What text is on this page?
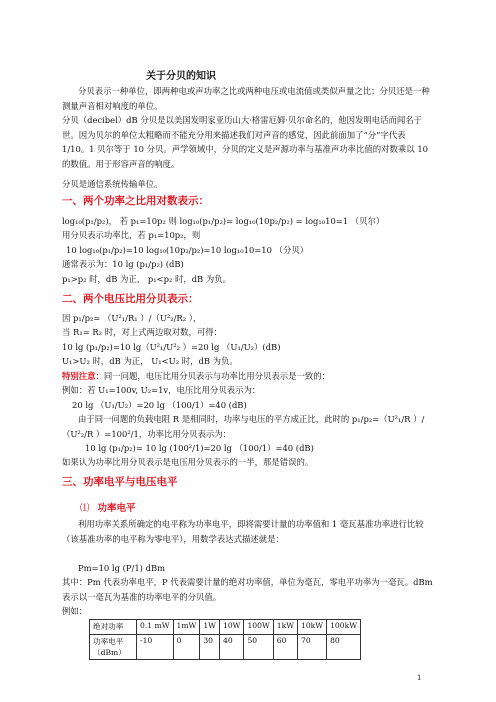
关于分贝的知识

分贝表示一种单位，即两种电或声功率之比或两种电压或电流值或类似声量之比；分贝还是一种测量声音相对响度的单位。

分贝（decibel）dB 分贝是以美国发明家亚历山大·格雷厄姆·贝尔命名的，他因发明电话而闻名于世。因为贝尔的单位太粗略而不能充分用来描述我们对声音的感觉，因此前面加了“分”字代表 1/10。1 贝尔等于 10 分贝。声学领域中，分贝的定义是声源功率与基准声功率比值的对数乘以 10 的数值。用于形容声音的响度。

分贝是通信系统传输单位。

一、两个功率之比用对数表示：
log₁₀(p₁/p₂)， 若 p₁=10p₂ 则 log₁₀(p₁/p₂)= log₁₀(10p₂/p₂) = log₁₀10=1 （贝尔）
用分贝表示功率比，若 p₁=10p₂，则
10 log₁₀(p₁/p₂)=10 log₁₀(10p₂/p₂)=10 log₁₀10=10 （分贝）
通常表示为：10 lg (p₁/p₂) (dB)
p₁>p₂ 时，dB 为正， p₁<p₂ 时，dB 为负。
二、两个电压比用分贝表示：
因 p₁/p₂= （U²₁/R₁ ）/（U²₂/R₂ ），
当 R₁= R₂ 时，对上式两边取对数，可得：
10 lg (p₁/p₂)=10 lg（U²₁/U²₂ ）=20 lg （U₁/U₂）(dB)
U₁>U₂ 时，dB 为正， U₁<U₂ 时，dB 为负。
特别注意：同一问题，电压比用分贝表示与功率比用分贝表示是一致的：
例如：若 U₁=100v, U₂=1v，电压比用分贝表示为：
20 lg （U₁/U₂）=20 lg （100/1）=40 (dB)

由于同一问题的负载电阻 R 是相同时，功率与电压的平方成正比，此时的 p₁/p₂=（U²₁/R ）/（U²₂/R ）=100²/1，功率比用分贝表示为：

10 lg (p₁/p₂)= 10 lg (100²/1)=20 lg （100/1）=40 (dB)
如果认为功率比用分贝表示是电压用分贝表示的一半，那是错误的。
三、功率电平与电压电平
⑴ 功率电平

利用功率关系所确定的电平称为功率电平，即将需要计量的功率值和 1 毫瓦基准功率进行比较（该基准功率的电平称为零电平），用数学表达式描述就是：

Pm=10 lg (P/1) dBm

其中：Pm 代表功率电平，P 代表需要计量的绝对功率值，单位为毫瓦，零电平功率为一毫瓦。dBm 表示以一毫瓦为基准的功率电平的分贝值。

例如：
绝对功率	0.1 mW	1mW	1W	10W	100W	1kW	10kW	100kW
功率电平（dBm）	-10	0	30	40	50	60	70	80
1
